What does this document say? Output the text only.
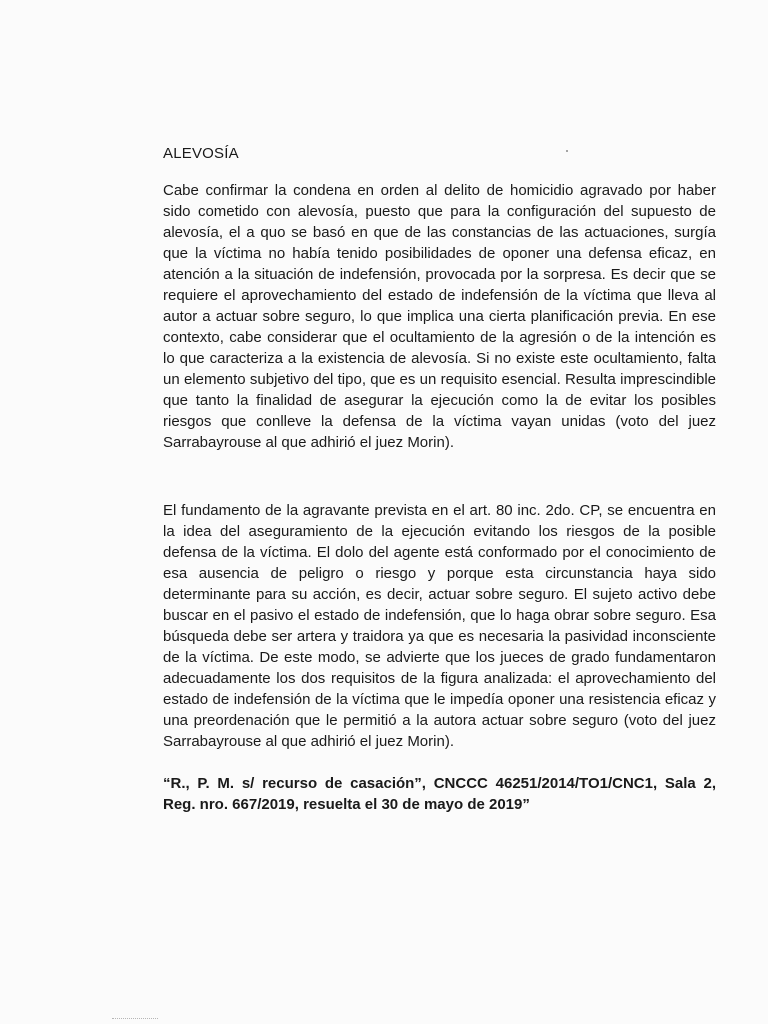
ALEVOSÍA

Cabe confirmar la condena en orden al delito de homicidio agravado por haber sido cometido con alevosía, puesto que para la configuración del supuesto de alevosía, el a quo se basó en que de las constancias de las actuaciones, surgía que la víctima no había tenido posibilidades de oponer una defensa eficaz, en atención a la situación de indefensión, provocada por la sorpresa. Es decir que se requiere el aprovechamiento del estado de indefensión de la víctima que lleva al autor a actuar sobre seguro, lo que implica una cierta planificación previa. En ese contexto, cabe considerar que el ocultamiento de la agresión o de la intención es lo que caracteriza a la existencia de alevosía. Si no existe este ocultamiento, falta un elemento subjetivo del tipo, que es un requisito esencial. Resulta imprescindible que tanto la finalidad de asegurar la ejecución como la de evitar los posibles riesgos que conlleve la defensa de la víctima vayan unidas (voto del juez Sarrabayrouse al que adhirió el juez Morin).

El fundamento de la agravante prevista en el art. 80 inc. 2do. CP, se encuentra en la idea del aseguramiento de la ejecución evitando los riesgos de la posible defensa de la víctima. El dolo del agente está conformado por el conocimiento de esa ausencia de peligro o riesgo y porque esta circunstancia haya sido determinante para su acción, es decir, actuar sobre seguro. El sujeto activo debe buscar en el pasivo el estado de indefensión, que lo haga obrar sobre seguro. Esa búsqueda debe ser artera y traidora ya que es necesaria la pasividad inconsciente de la víctima. De este modo, se advierte que los jueces de grado fundamentaron adecuadamente los dos requisitos de la figura analizada: el aprovechamiento del estado de indefensión de la víctima que le impedía oponer una resistencia eficaz y una preordenación que le permitió a la autora actuar sobre seguro (voto del juez Sarrabayrouse al que adhirió el juez Morin).

“R., P. M. s/ recurso de casación”, CNCCC 46251/2014/TO1/CNC1, Sala 2, Reg. nro. 667/2019, resuelta el 30 de mayo de 2019”
